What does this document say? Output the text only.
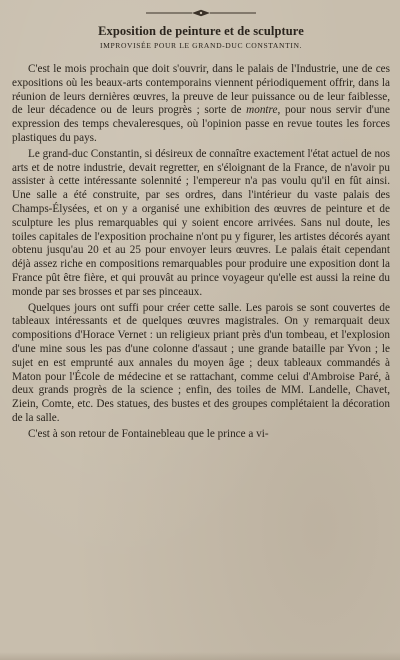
Exposition de peinture et de sculpture
IMPROVISÉE POUR LE GRAND-DUC CONSTANTIN.

C'est le mois prochain que doit s'ouvrir, dans le palais de l'Industrie, une de ces expositions où les beaux-arts contemporains viennent périodiquement offrir, dans la réunion de leurs dernières œuvres, la preuve de leur puissance ou de leur faiblesse, de leur décadence ou de leurs progrès ; sorte de montre, pour nous servir d'une expression des temps chevaleresques, où l'opinion passe en revue toutes les forces plastiques du pays.

Le grand-duc Constantin, si désireux de connaître exactement l'état actuel de nos arts et de notre industrie, devait regretter, en s'éloignant de la France, de n'avoir pu assister à cette intéressante solennité ; l'empereur n'a pas voulu qu'il en fût ainsi. Une salle a été construite, par ses ordres, dans l'intérieur du vaste palais des Champs-Élysées, et on y a organisé une exhibition des œuvres de peinture et de sculpture les plus remarquables qui y soient encore arrivées. Sans nul doute, les toiles capitales de l'exposition prochaine n'ont pu y figurer, les artistes décorés ayant obtenu jusqu'au 20 et au 25 pour envoyer leurs œuvres. Le palais était cependant déjà assez riche en compositions remarquables pour produire une exposition dont la France pût être fière, et qui prouvât au prince voyageur qu'elle est aussi la reine du monde par ses brosses et par ses pinceaux.

Quelques jours ont suffi pour créer cette salle. Les parois se sont couvertes de tableaux intéressants et de quelques œuvres magistrales. On y remarquait deux compositions d'Horace Vernet : un religieux priant près d'un tombeau, et l'explosion d'une mine sous les pas d'une colonne d'assaut ; une grande bataille par Yvon ; le sujet en est emprunté aux annales du moyen âge ; deux tableaux commandés à Maton pour l'École de médecine et se rattachant, comme celui d'Ambroise Paré, à deux grands progrès de la science ; enfin, des toiles de MM. Landelle, Chavet, Ziein, Comte, etc. Des statues, des bustes et des groupes complétaient la décoration de la salle.

C'est à son retour de Fontainebleau que le prince a vi-
